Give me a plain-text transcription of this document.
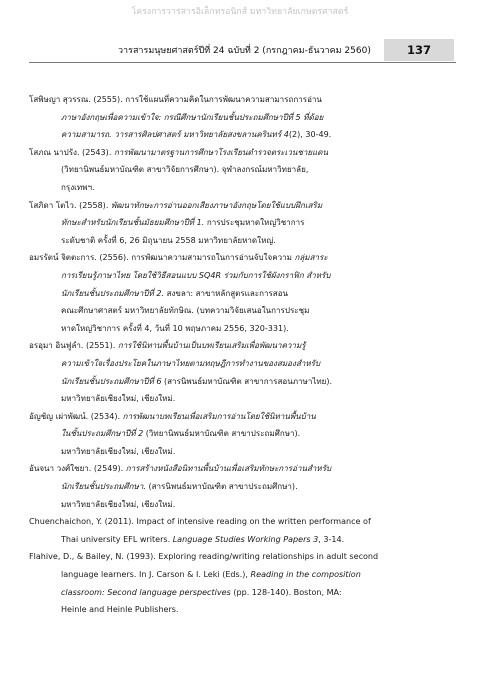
โครงการวารสารอิเล็กทรอนิกส์ มหาวิทยาลัยเกษตรศาสตร์
วารสารมนุษยศาสตร์ปีที่ 24 ฉบับที่ 2 (กรกฎาคม-ธันวาคม 2560)	137
โสพิษญา สุวรรณ. (2555). การใช้แผนที่ความคิดในการพัฒนาความสามารถการอ่าน
ภาษาอังกฤษเพื่อความเข้าใจ: กรณีศึกษานักเรียนชั้นประถมศึกษาปีที่ 5 ที่ด้อย
ความสามารถ. วารสารศิลปศาสตร์ มหาวิทยาลัยสงขลานครินทร์ 4(2), 30-49.
โสภณ นาปรัง. (2543). การพัฒนามาตรฐานการศึกษาโรงเรียนตำรวจตระเวนชายแดน
(วิทยานิพนธ์มหาบัณฑิต สาขาวิจัยการศึกษา). จุฬาลงกรณ์มหาวิทยาลัย,
กรุงเทพฯ.
โสภิดา โตไว. (2558). พัฒนาทักษะการอ่านออกเสียงภาษาอังกฤษโดยใช้แบบฝึกเสริม
ทักษะสำหรับนักเรียนชั้นมัธยมศึกษาปีที่ 1. การประชุมหาดใหญ่วิชาการ
ระดับชาติ ครั้งที่ 6, 26 มิถุนายน 2558 มหาวิทยาลัยหาดใหญ่.
อมรรัตน์ จิตตะการ. (2556). การพัฒนาความสามารถในการอ่านจับใจความ กลุ่มสาระ
การเรียนรู้ภาษาไทย โดยใช้วิธีสอนแบบ SQ4R ร่วมกับการใช้ผังกราฟิก สำหรับ
นักเรียนชั้นประถมศึกษาปีที่ 2. สงขลา: สาขาหลักสูตรและการสอน
คณะศึกษาศาสตร์ มหาวิทยาลัยทักษิณ. (บทความวิจัยเสนอในการประชุม
หาดใหญ่วิชาการ ครั้งที่ 4, วันที่ 10 พฤษภาคม 2556, 320-331).
อรอุมา อินฟูลำ. (2551). การใช้นิทานพื้นบ้านเป็นบทเรียนเสริมเพื่อพัฒนาความรู้
ความเข้าใจเรื่องประโยคในภาษาไทยตามทฤษฎีการทำงานของสมองสำหรับ
นักเรียนชั้นประถมศึกษาปีที่ 6 (สารนิพนธ์มหาบัณฑิต สาขาการสอนภาษาไทย).
มหาวิทยาลัยเชียงใหม่, เชียงใหม่.
อัญชัญ เผ่าพัฒน์. (2534). การพัฒนาบทเรียนเพื่อเสริมการอ่านโดยใช้นิทานพื้นบ้าน
ในชั้นประถมศึกษาปีที่ 2 (วิทยานิพนธ์มหาบัณฑิต สาขาประถมศึกษา).
มหาวิทยาลัยเชียงใหม่, เชียงใหม่.
อันจนา วงศ์ใชยา. (2549). การสร้างหนังสือนิทานพื้นบ้านเพื่อเสริมทักษะการอ่านสำหรับ
นักเรียนชั้นประถมศึกษา. (สารนิพนธ์มหาบัณฑิต สาขาประถมศึกษา).
มหาวิทยาลัยเชียงใหม่, เชียงใหม่.
Chuenchaichon, Y. (2011). Impact of intensive reading on the written performance of
Thai university EFL writers. Language Studies Working Papers 3, 3-14.
Flahive, D., & Bailey, N. (1993). Exploring reading/writing relationships in adult second
language learners. In J. Carson & I. Leki (Eds.), Reading in the composition
classroom: Second language perspectives (pp. 128-140). Boston, MA:
Heinle and Heinle Publishers.
